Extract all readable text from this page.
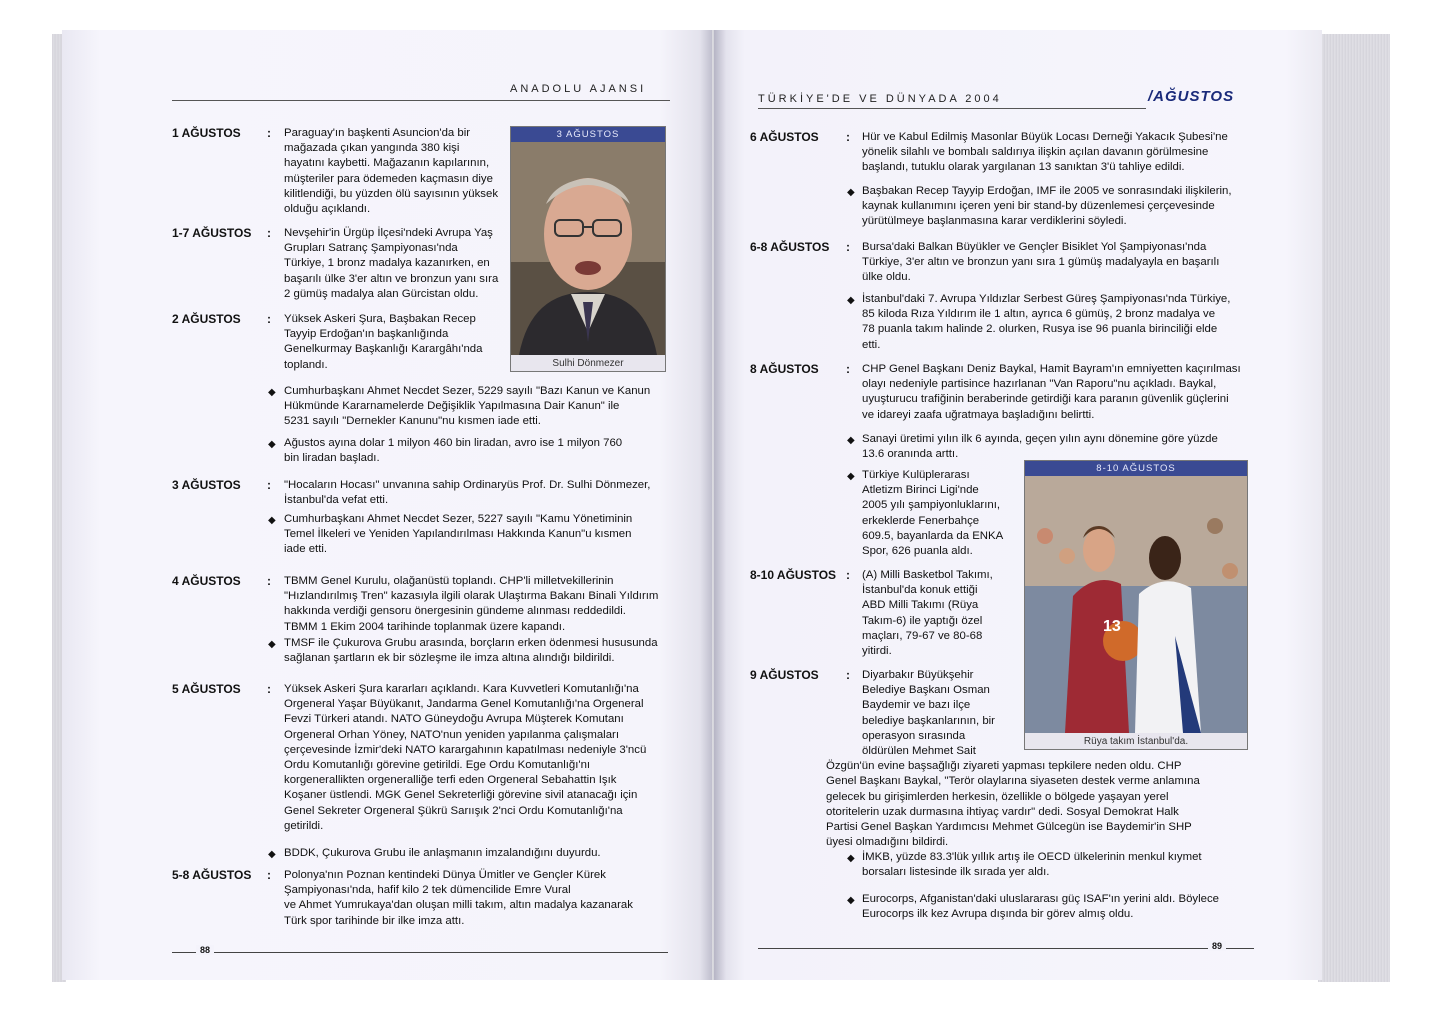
ANADOLU AJANSI
3 AĞUSTOS
Sulhi Dönmezer
1 AĞUSTOS : Paraguay'ın başkenti Asuncion'da bir
mağazada çıkan yangında 380 kişi
hayatını kaybetti. Mağazanın kapılarının,
müşteriler para ödemeden kaçmasın diye
kilitlendiği, bu yüzden ölü sayısının yüksek
olduğu açıklandı.
1-7 AĞUSTOS : Nevşehir'in Ürgüp İlçesi'ndeki Avrupa Yaş
Grupları Satranç Şampiyonası'nda
Türkiye, 1 bronz madalya kazanırken, en
başarılı ülke 3'er altın ve bronzun yanı sıra
2 gümüş madalya alan Gürcistan oldu.
2 AĞUSTOS : Yüksek Askeri Şura, Başbakan Recep
Tayyip Erdoğan'ın başkanlığında
Genelkurmay Başkanlığı Karargâhı'nda
toplandı.
◆ Cumhurbaşkanı Ahmet Necdet Sezer, 5229 sayılı "Bazı Kanun ve Kanun
Hükmünde Kararnamelerde Değişiklik Yapılmasına Dair Kanun" ile
5231 sayılı "Dernekler Kanunu"nu kısmen iade etti.
◆ Ağustos ayına dolar 1 milyon 460 bin liradan, avro ise 1 milyon 760
bin liradan başladı.
3 AĞUSTOS : "Hocaların Hocası" unvanına sahip Ordinaryüs Prof. Dr. Sulhi Dönmezer,
İstanbul'da vefat etti.
◆ Cumhurbaşkanı Ahmet Necdet Sezer, 5227 sayılı "Kamu Yönetiminin
Temel İlkeleri ve Yeniden Yapılandırılması Hakkında Kanun"u kısmen
iade etti.
4 AĞUSTOS : TBMM Genel Kurulu, olağanüstü toplandı. CHP'li milletvekillerinin
"Hızlandırılmış Tren" kazasıyla ilgili olarak Ulaştırma Bakanı Binali Yıldırım
hakkında verdiği gensoru önergesinin gündeme alınması reddedildi.
TBMM 1 Ekim 2004 tarihinde toplanmak üzere kapandı.
◆ TMSF ile Çukurova Grubu arasında, borçların erken ödenmesi hususunda
sağlanan şartların ek bir sözleşme ile imza altına alındığı bildirildi.
5 AĞUSTOS : Yüksek Askeri Şura kararları açıklandı. Kara Kuvvetleri Komutanlığı'na
Orgeneral Yaşar Büyükanıt, Jandarma Genel Komutanlığı'na Orgeneral
Fevzi Türkeri atandı. NATO Güneydoğu Avrupa Müşterek Komutanı
Orgeneral Orhan Yöney, NATO'nun yeniden yapılanma çalışmaları
çerçevesinde İzmir'deki NATO karargahının kapatılması nedeniyle 3'ncü
Ordu Komutanlığı görevine getirildi. Ege Ordu Komutanlığı'nı
korgenerallikten orgeneralliğe terfi eden Orgeneral Sebahattin Işık
Koşaner üstlendi. MGK Genel Sekreterliği görevine sivil atanacağı için
Genel Sekreter Orgeneral Şükrü Sarıışık 2'nci Ordu Komutanlığı'na
getirildi.
◆ BDDK, Çukurova Grubu ile anlaşmanın imzalandığını duyurdu.
5-8 AĞUSTOS : Polonya'nın Poznan kentindeki Dünya Ümitler ve Gençler Kürek
Şampiyonası'nda, hafif kilo 2 tek dümencilide Emre Vural
ve Ahmet Yumrukaya'dan oluşan milli takım, altın madalya kazanarak
Türk spor tarihinde bir ilke imza attı.
88
TÜRKİYE'DE VE DÜNYADA 2004	/AĞUSTOS
8-10 AĞUSTOS
13
Rüya takım İstanbul'da.
6 AĞUSTOS : Hür ve Kabul Edilmiş Masonlar Büyük Locası Derneği Yakacık Şubesi'ne
yönelik silahlı ve bombalı saldırıya ilişkin açılan davanın görülmesine
başlandı, tutuklu olarak yargılanan 13 sanıktan 3'ü tahliye edildi.
◆ Başbakan Recep Tayyip Erdoğan, IMF ile 2005 ve sonrasındaki ilişkilerin,
kaynak kullanımını içeren yeni bir stand-by düzenlemesi çerçevesinde
yürütülmeye başlanmasına karar verdiklerini söyledi.
6-8 AĞUSTOS : Bursa'daki Balkan Büyükler ve Gençler Bisiklet Yol Şampiyonası'nda
Türkiye, 3'er altın ve bronzun yanı sıra 1 gümüş madalyayla en başarılı
ülke oldu.
◆ İstanbul'daki 7. Avrupa Yıldızlar Serbest Güreş Şampiyonası'nda Türkiye,
85 kiloda Rıza Yıldırım ile 1 altın, ayrıca 6 gümüş, 2 bronz madalya ve
78 puanla takım halinde 2. olurken, Rusya ise 96 puanla birinciliği elde
etti.
8 AĞUSTOS : CHP Genel Başkanı Deniz Baykal, Hamit Bayram'ın emniyetten kaçırılması
olayı nedeniyle partisince hazırlanan "Van Raporu"nu açıkladı. Baykal,
uyuşturucu trafiğinin beraberinde getirdiği kara paranın güvenlik güçlerini
ve idareyi zaafa uğratmaya başladığını belirtti.
◆ Sanayi üretimi yılın ilk 6 ayında, geçen yılın aynı dönemine göre yüzde
13.6 oranında arttı.
◆ Türkiye Kulüplerarası
Atletizm Birinci Ligi'nde
2005 yılı şampiyonluklarını,
erkeklerde Fenerbahçe
609.5, bayanlarda da ENKA
Spor, 626 puanla aldı.
8-10 AĞUSTOS : (A) Milli Basketbol Takımı,
İstanbul'da konuk ettiği
ABD Milli Takımı (Rüya
Takım-6) ile yaptığı özel
maçları, 79-67 ve 80-68
yitirdi.
9 AĞUSTOS : Diyarbakır Büyükşehir
Belediye Başkanı Osman
Baydemir ve bazı ilçe
belediye başkanlarının, bir
operasyon sırasında
öldürülen Mehmet Sait
Özgün'ün evine başsağlığı ziyareti yapması tepkilere neden oldu. CHP
Genel Başkanı Baykal, "Terör olaylarına siyaseten destek verme anlamına
gelecek bu girişimlerden herkesin, özellikle o bölgede yaşayan yerel
otoritelerin uzak durmasına ihtiyaç vardır" dedi. Sosyal Demokrat Halk
Partisi Genel Başkan Yardımcısı Mehmet Gülcegün ise Baydemir'in SHP
üyesi olmadığını bildirdi.
◆ İMKB, yüzde 83.3'lük yıllık artış ile OECD ülkelerinin menkul kıymet
borsaları listesinde ilk sırada yer aldı.
◆ Eurocorps, Afganistan'daki uluslararası güç ISAF'ın yerini aldı. Böylece
Eurocorps ilk kez Avrupa dışında bir görev almış oldu.
89
